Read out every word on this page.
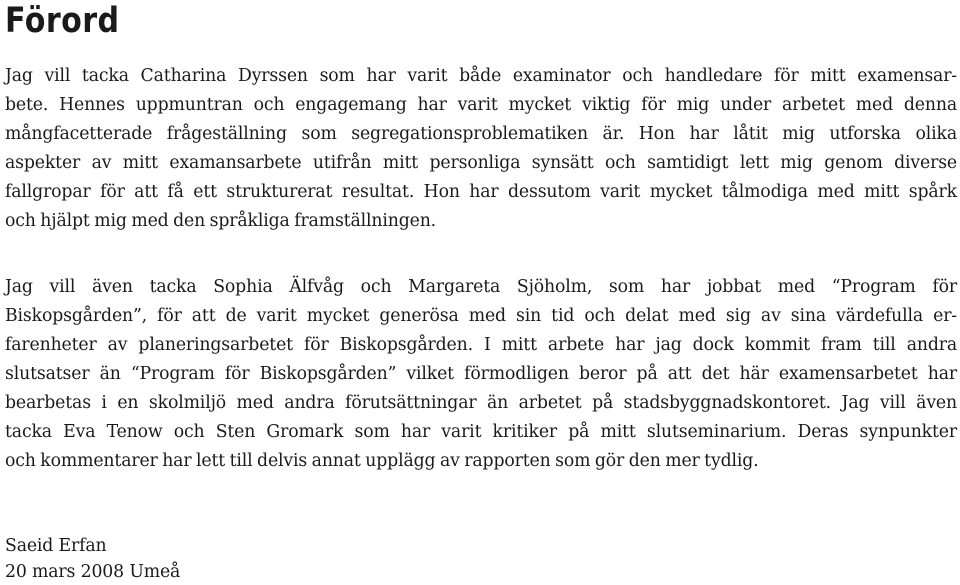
Förord

Jag vill tacka Catharina Dyrssen som har varit både examinator och handledare för mitt examensar-
bete. Hennes uppmuntran och engagemang har varit mycket viktig för mig under arbetet med denna
mångfacetterade frågeställning som segregationsproblematiken är. Hon har låtit mig utforska olika
aspekter av mitt examansarbete utifrån mitt personliga synsätt och samtidigt lett mig genom diverse
fallgropar för att få ett strukturerat resultat. Hon har dessutom varit mycket tålmodiga med mitt spårk
och hjälpt mig med den språkliga framställningen.

Jag vill även tacka Sophia Älfvåg och Margareta Sjöholm, som har jobbat med “Program för
Biskopsgården”, för att de varit mycket generösa med sin tid och delat med sig av sina värdefulla er-
farenheter av planeringsarbetet för Biskopsgården. I mitt arbete har jag dock kommit fram till andra
slutsatser än “Program för Biskopsgården” vilket förmodligen beror på att det här examensarbetet har
bearbetas i en skolmiljö med andra förutsättningar än arbetet på stadsbyggnadskontoret. Jag vill även
tacka Eva Tenow och Sten Gromark som har varit kritiker på mitt slutseminarium. Deras synpunkter
och kommentarer har lett till delvis annat upplägg av rapporten som gör den mer tydlig.

Saeid Erfan
20 mars 2008 Umeå
